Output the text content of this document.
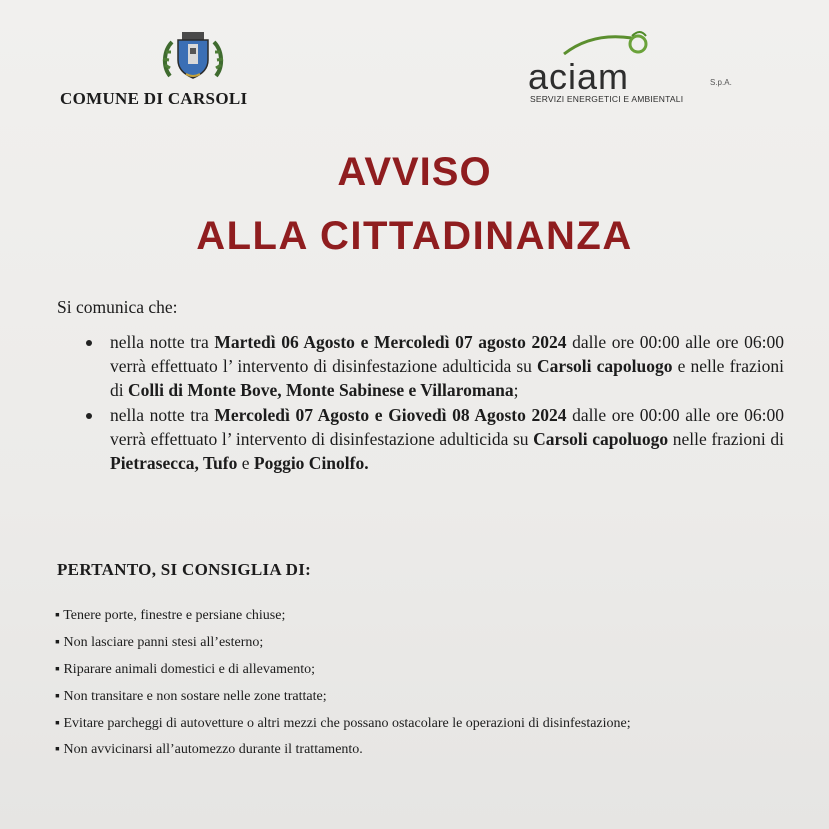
COMUNE DI CARSOLI
aciam	S.p.A.
SERVIZI ENERGETICI E AMBIENTALI
AVVISO
ALLA CITTADINANZA
Si comunica che:
nella notte tra Martedì 06 Agosto e Mercoledì 07 agosto 2024 dalle ore 00:00 alle ore 06:00 verrà effettuato l’ intervento di disinfestazione adulticida su Carsoli capoluogo e nelle frazioni di Colli di Monte Bove, Monte Sabinese e Villaromana;
nella notte tra Mercoledì 07 Agosto e Giovedì 08 Agosto 2024 dalle ore 00:00 alle ore 06:00 verrà effettuato l’ intervento di disinfestazione adulticida su Carsoli capoluogo nelle frazioni di Pietrasecca, Tufo e Poggio Cinolfo.
PERTANTO, SI CONSIGLIA DI:
▪ Tenere porte, finestre e persiane chiuse;
▪ Non lasciare panni stesi all’esterno;
▪ Riparare animali domestici e di allevamento;
▪ Non transitare e non sostare nelle zone trattate;
▪ Evitare parcheggi di autovetture o altri mezzi che possano ostacolare le operazioni di disinfestazione;
▪ Non avvicinarsi all’automezzo durante il trattamento.
